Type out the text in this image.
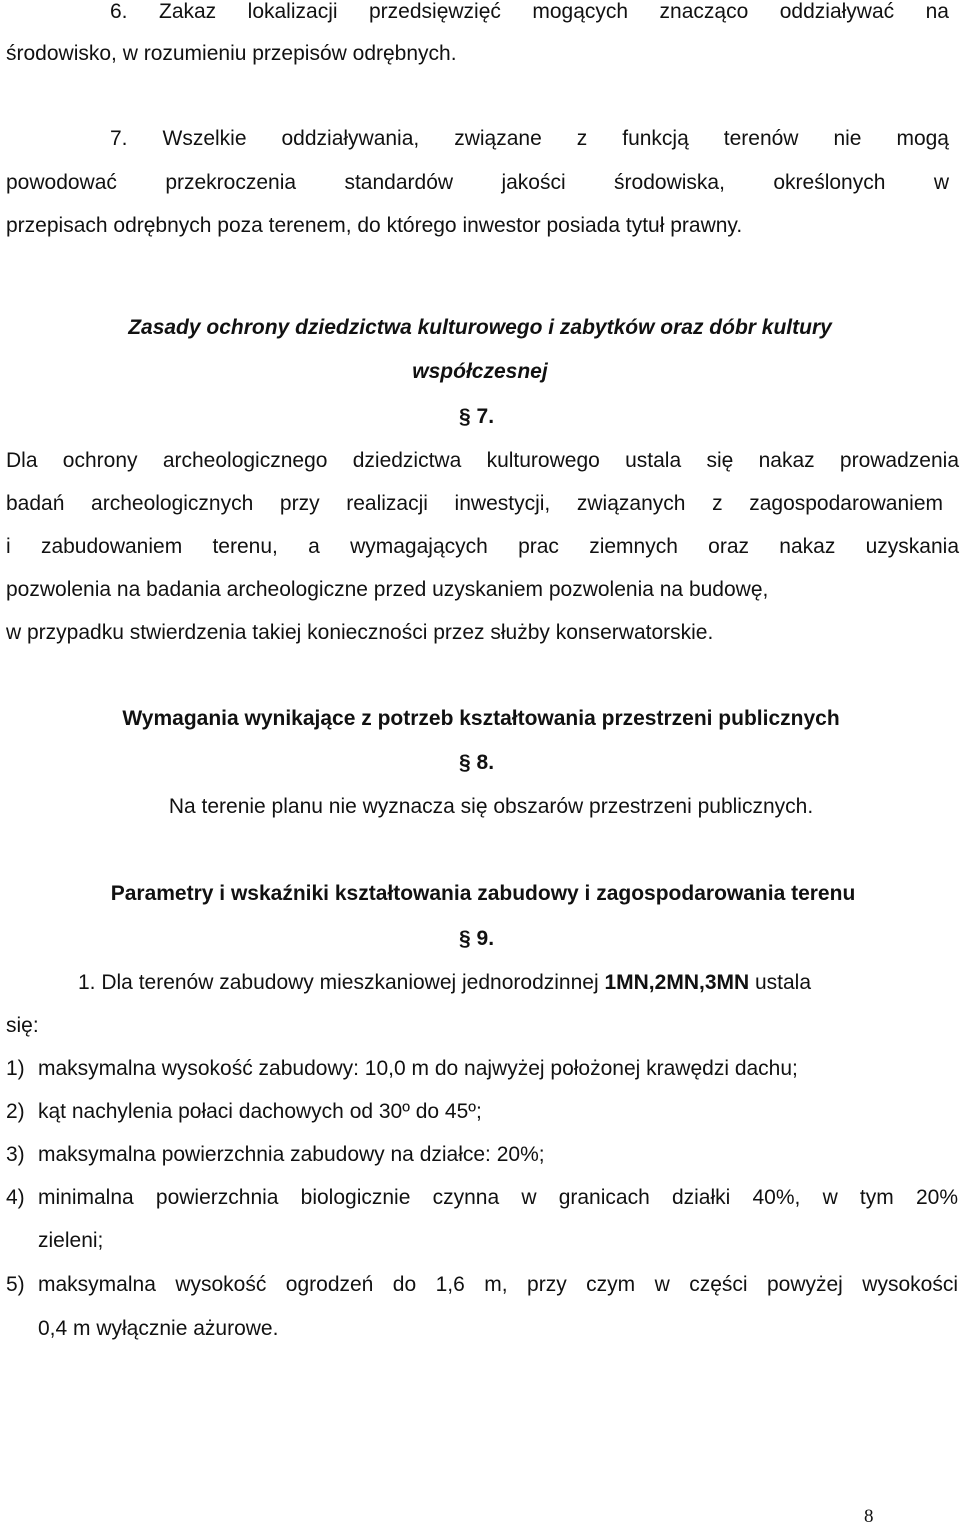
6. Zakaz lokalizacji przedsięwzięć mogących znacząco oddziaływać na
środowisko, w rozumieniu przepisów odrębnych.
7. Wszelkie oddziaływania, związane z funkcją terenów nie mogą
powodować przekroczenia standardów jakości środowiska, określonych w
przepisach odrębnych poza terenem, do którego inwestor posiada tytuł prawny.
Zasady ochrony dziedzictwa kulturowego i zabytków oraz dóbr kultury
współczesnej
§ 7.
Dla ochrony archeologicznego dziedzictwa kulturowego ustala się nakaz prowadzenia
badań archeologicznych przy realizacji inwestycji, związanych z zagospodarowaniem
i zabudowaniem terenu, a wymagających prac ziemnych oraz nakaz uzyskania
pozwolenia na badania archeologiczne przed uzyskaniem pozwolenia na budowę,
w przypadku stwierdzenia takiej konieczności przez służby konserwatorskie.
Wymagania wynikające z potrzeb kształtowania przestrzeni publicznych
§ 8.
Na terenie planu nie wyznacza się obszarów przestrzeni publicznych.
Parametry i wskaźniki kształtowania zabudowy i zagospodarowania terenu
§ 9.
1. Dla terenów zabudowy mieszkaniowej jednorodzinnej 1MN,2MN,3MN ustala
się:
1) maksymalna wysokość zabudowy: 10,0 m do najwyżej położonej krawędzi dachu;
2) kąt nachylenia połaci dachowych od 30º do 45º;
3) maksymalna powierzchnia zabudowy na działce: 20%;
4) minimalna powierzchnia biologicznie czynna w granicach działki 40%, w tym 20%
zieleni;
5) maksymalna wysokość ogrodzeń do 1,6 m, przy czym w części powyżej wysokości
0,4 m wyłącznie ażurowe.
8
